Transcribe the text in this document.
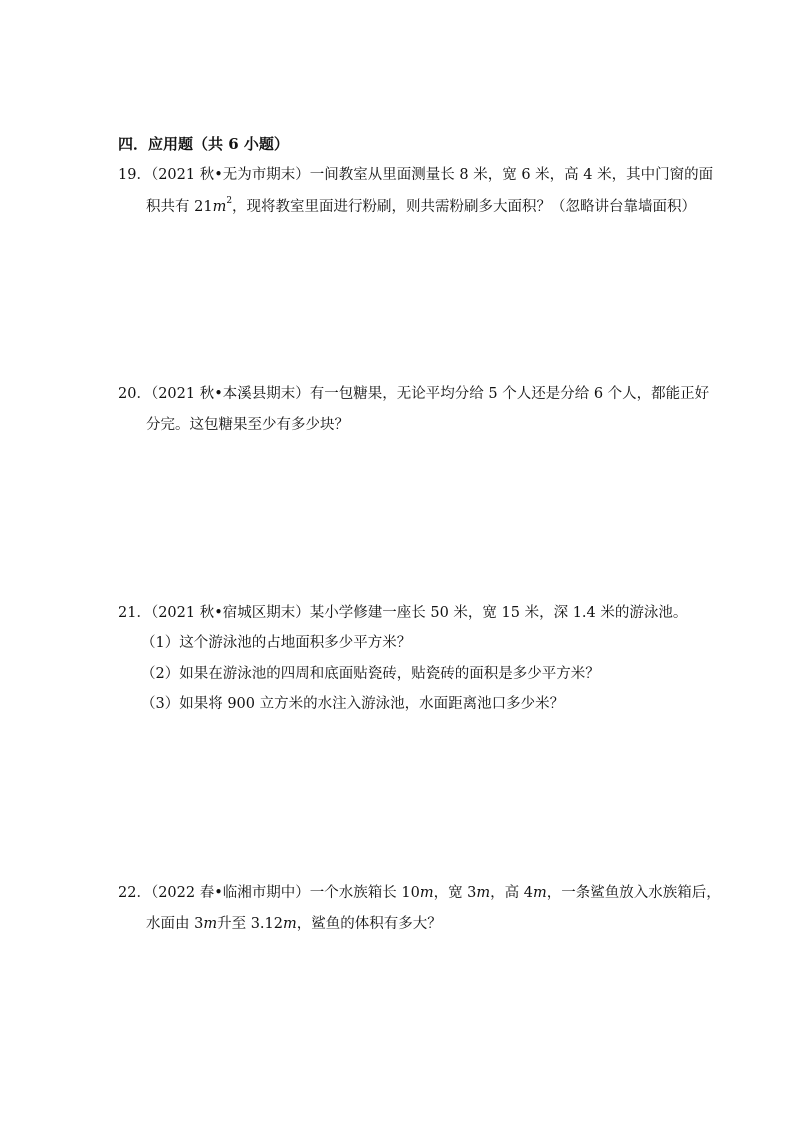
四．应用题（共 6 小题）
19．（2021 秋•无为市期末）一间教室从里面测量长 8 米，宽 6 米，高 4 米，其中门窗的面
积共有 $21m^2$，现将教室里面进行粉刷，则共需粉刷多大面积？（忽略讲台靠墙面积）
20．（2021 秋•本溪县期末）有一包糖果，无论平均分给 5 个人还是分给 6 个人，都能正好
分完。这包糖果至少有多少块？
21．（2021 秋•宿城区期末）某小学修建一座长 50 米，宽 15 米，深 1.4 米的游泳池。
（1）这个游泳池的占地面积多少平方米？
（2）如果在游泳池的四周和底面贴瓷砖，贴瓷砖的面积是多少平方米？
（3）如果将 900 立方米的水注入游泳池，水面距离池口多少米？
22．（2022 春•临湘市期中）一个水族箱长 10m，宽 3m，高 4m，一条鲨鱼放入水族箱后，
水面由 3m升至 3.12m，鲨鱼的体积有多大？
